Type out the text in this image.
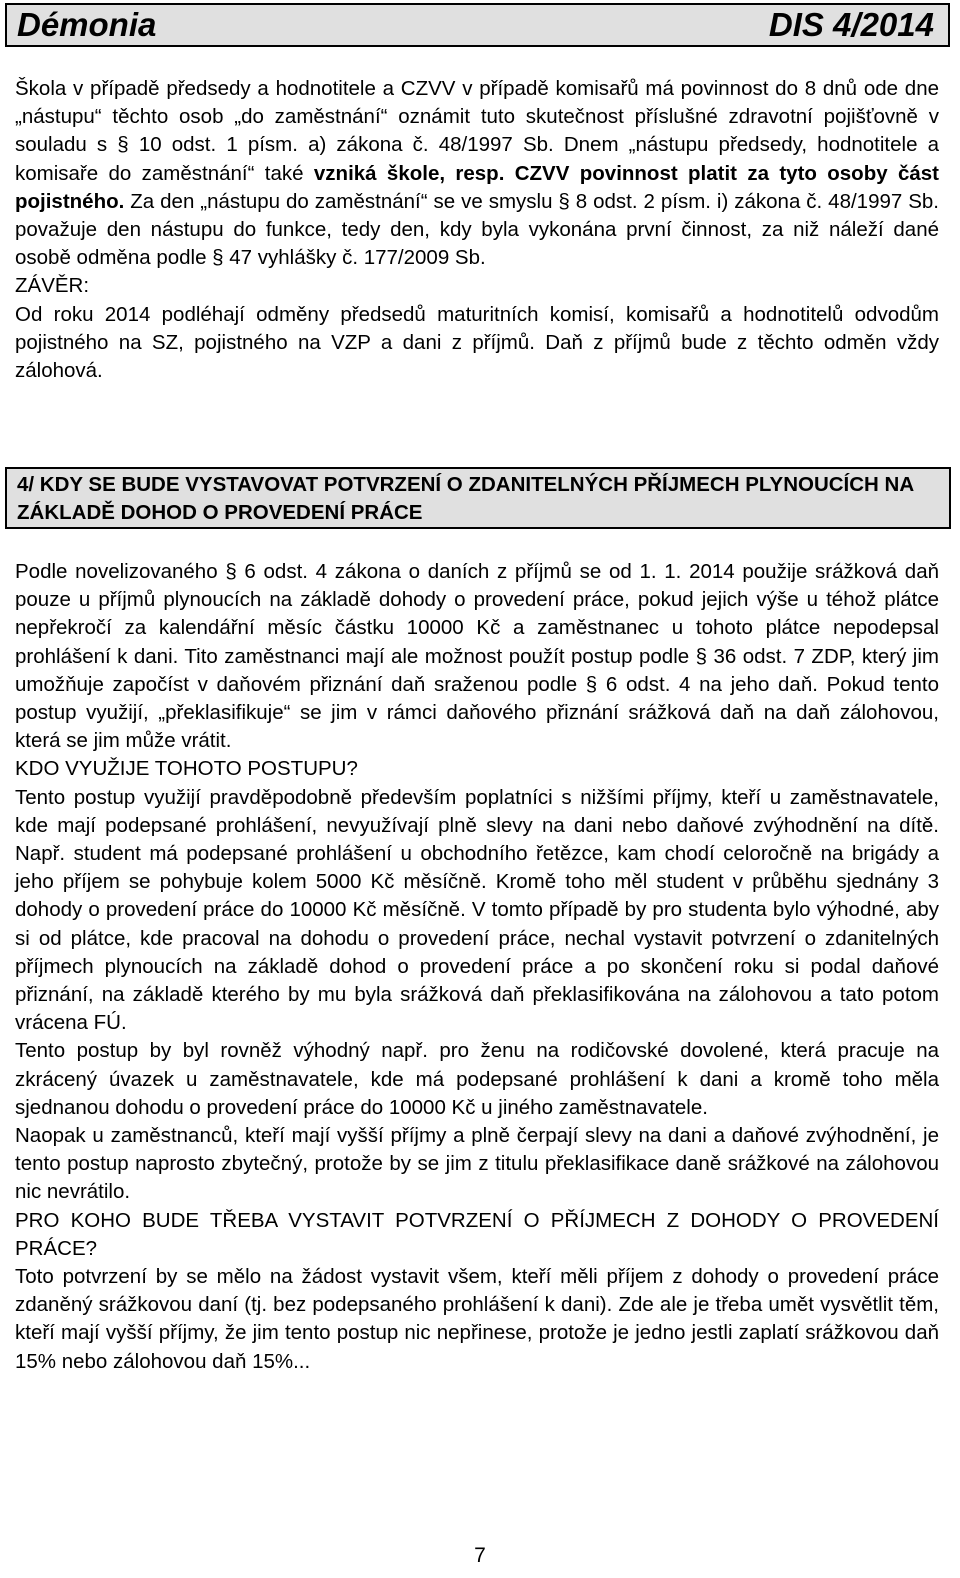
Démonia	DIS 4/2014

Škola v případě předsedy a hodnotitele a CZVV v případě komisařů má povinnost do 8 dnů ode dne „nástupu“ těchto osob „do zaměstnání“ oznámit tuto skutečnost příslušné zdravotní pojišťovně v souladu s § 10 odst. 1 písm. a) zákona č. 48/1997 Sb. Dnem „nástupu předsedy, hodnotitele a komisaře do zaměstnání“ také vzniká škole, resp. CZVV povinnost platit za tyto osoby část pojistného. Za den „nástupu do zaměstnání“ se ve smyslu § 8 odst. 2 písm. i) zákona č. 48/1997 Sb. považuje den nástupu do funkce, tedy den, kdy byla vykonána první činnost, za niž náleží dané osobě odměna podle § 47 vyhlášky č. 177/2009 Sb.

ZÁVĚR:

Od roku 2014 podléhají odměny předsedů maturitních komisí, komisařů a hodnotitelů odvodům pojistného na SZ, pojistného na VZP a dani z příjmů. Daň z příjmů bude z těchto odměn vždy zálohová.

4/ KDY SE BUDE VYSTAVOVAT POTVRZENÍ O ZDANITELNÝCH PŘÍJMECH PLYNOUCÍCH NA ZÁKLADĚ DOHOD O PROVEDENÍ PRÁCE

Podle novelizovaného § 6 odst. 4 zákona o daních z příjmů se od 1. 1. 2014 použije srážková daň pouze u příjmů plynoucích na základě dohody o provedení práce, pokud jejich výše u téhož plátce nepřekročí za kalendářní měsíc částku 10000 Kč a zaměstnanec u tohoto plátce nepodepsal prohlášení k dani. Tito zaměstnanci mají ale možnost použít postup podle § 36 odst. 7 ZDP, který jim umožňuje započíst v daňovém přiznání daň sraženou podle § 6 odst. 4 na jeho daň. Pokud tento postup využijí, „překlasifikuje“ se jim v rámci daňového přiznání srážková daň na daň zálohovou, která se jim může vrátit.

KDO VYUŽIJE TOHOTO POSTUPU?

Tento postup využijí pravděpodobně především poplatníci s nižšími příjmy, kteří u zaměstnavatele, kde mají podepsané prohlášení, nevyužívají plně slevy na dani nebo daňové zvýhodnění na dítě. Např. student má podepsané prohlášení u obchodního řetězce, kam chodí celoročně na brigády a jeho příjem se pohybuje kolem 5000 Kč měsíčně. Kromě toho měl student v průběhu sjednány 3 dohody o provedení práce do 10000 Kč měsíčně. V tomto případě by pro studenta bylo výhodné, aby si od plátce, kde pracoval na dohodu o provedení práce, nechal vystavit potvrzení o zdanitelných příjmech plynoucích na základě dohod o provedení práce a po skončení roku si podal daňové přiznání, na základě kterého by mu byla srážková daň překlasifikována na zálohovou a tato potom vrácena FÚ.

Tento postup by byl rovněž výhodný např. pro ženu na rodičovské dovolené, která pracuje na zkrácený úvazek u zaměstnavatele, kde má podepsané prohlášení k dani a kromě toho měla sjednanou dohodu o provedení práce do 10000 Kč u jiného zaměstnavatele.

Naopak u zaměstnanců, kteří mají vyšší příjmy a plně čerpají slevy na dani a daňové zvýhodnění, je tento postup naprosto zbytečný, protože by se jim z titulu překlasifikace daně srážkové na zálohovou nic nevrátilo.

PRO KOHO BUDE TŘEBA VYSTAVIT POTVRZENÍ O PŘÍJMECH Z DOHODY O PROVEDENÍ PRÁCE?

Toto potvrzení by se mělo na žádost vystavit všem, kteří měli příjem z dohody o provedení práce zdaněný srážkovou daní (tj. bez podepsaného prohlášení k dani). Zde ale je třeba umět vysvětlit těm, kteří mají vyšší příjmy, že jim tento postup nic nepřinese, protože je jedno jestli zaplatí srážkovou daň 15% nebo zálohovou daň 15%...

7
